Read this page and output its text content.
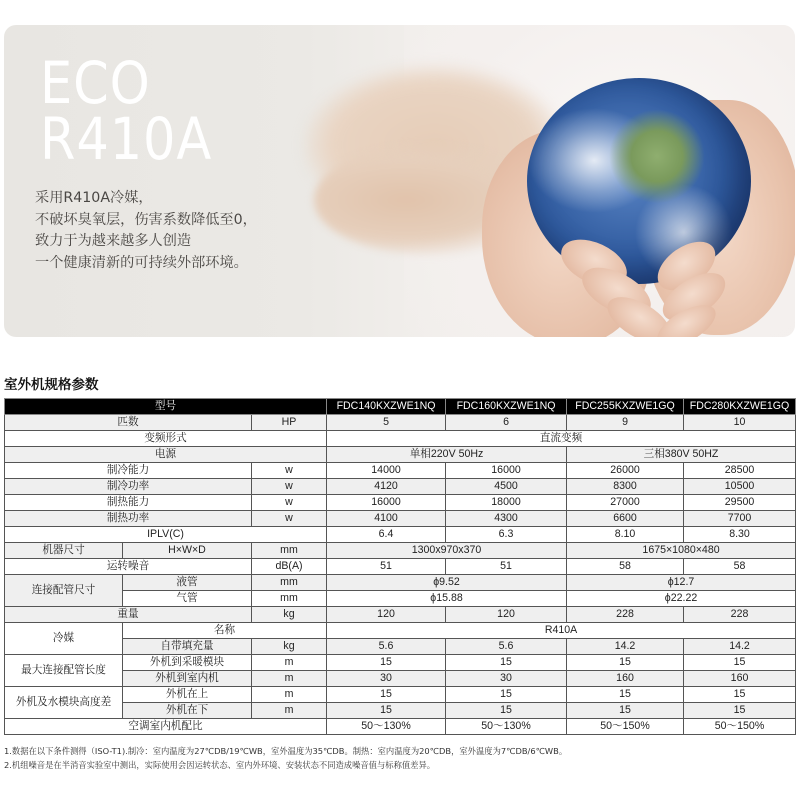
ECO
R410A
采用R410A冷媒，
不破坏臭氧层，伤害系数降低至0，
致力于为越来越多人创造
一个健康清新的可持续外部环境。
室外机规格参数
型号			FDC140KXZWE1NQ	FDC160KXZWE1NQ	FDC255KXZWE1GQ	FDC280KXZWE1GQ
匹数		HP	5	6	9	10
变频形式			直流变频			
电源			单相220V 50Hz		三相380V 50HZ	
制冷能力		w	14000	16000	26000	28500
制冷功率		w	4120	4500	8300	10500
制热能力		w	16000	18000	27000	29500
制热功率		w	4100	4300	6600	7700
IPLV(C)			6.4	6.3	8.10	8.30
机器尺寸	H×W×D	mm	1300x970x370		1675×1080×480	
运转噪音		dB(A)	51	51	58	58
连接配管尺寸	液管	mm	ϕ9.52		ϕ12.7	
	气管	mm	ϕ15.88		ϕ22.22	
重量		kg	120	120	228	228
冷媒	名称		R410A			
	自带填充量	kg	5.6	5.6	14.2	14.2
最大连接配管长度	外机到采暖模块	m	15	15	15	15
	外机到室内机	m	30	30	160	160
外机及水模块高度差	外机在上	m	15	15	15	15
	外机在下	m	15	15	15	15
空调室内机配比			50～130%	50～130%	50～150%	50～150%
1.数据在以下条件测得（ISO-T1).制冷：室内温度为27℃DB/19℃WB，室外温度为35℃DB。制热：室内温度为20℃DB，室外温度为7℃DB/6℃WB。
2.机组噪音是在半消音实验室中测出，实际使用会因运转状态、室内外环境、安装状态不同造成噪音值与标称值差异。
